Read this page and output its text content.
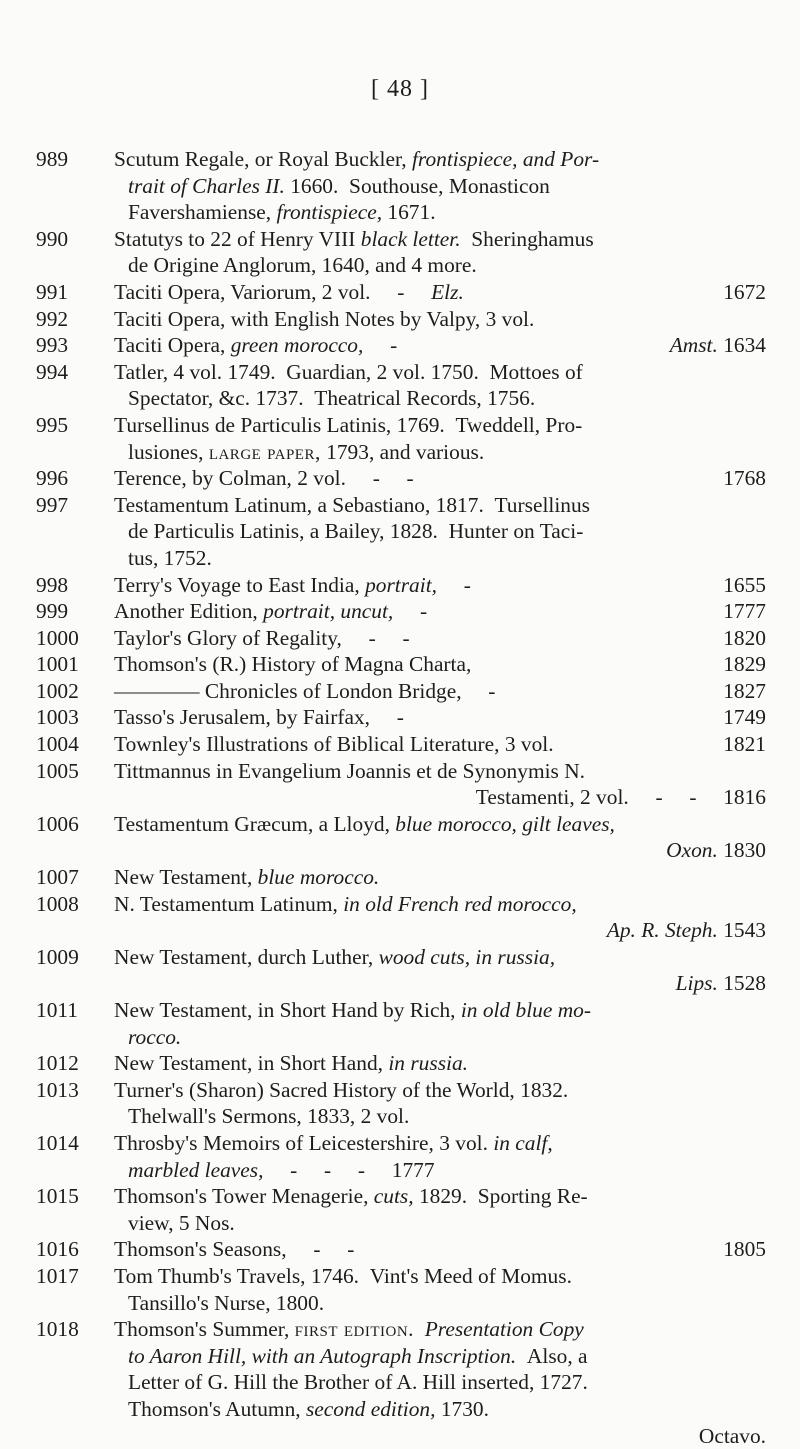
[ 48 ]
989	Scutum Regale, or Royal Buckler, frontispiece, and Por-
trait of Charles II. 1660.  Southouse, Monasticon
Favershamiense, frontispiece, 1671.
990	Statutys to 22 of Henry VIII black letter.  Sheringhamus
de Origine Anglorum, 1640, and 4 more.
991	Taciti Opera, Variorum, 2 vol.     -     Elz.	1672
992	Taciti Opera, with English Notes by Valpy, 3 vol.
993	Taciti Opera, green morocco,     -	Amst. 1634
994	Tatler, 4 vol. 1749.  Guardian, 2 vol. 1750.  Mottoes of
Spectator, &c. 1737.  Theatrical Records, 1756.
995	Tursellinus de Particulis Latinis, 1769.  Tweddell, Pro-
lusiones, large paper, 1793, and various.
996	Terence, by Colman, 2 vol.     -     -	1768
997	Testamentum Latinum, a Sebastiano, 1817.  Tursellinus
de Particulis Latinis, a Bailey, 1828.  Hunter on Taci-
tus, 1752.
998	Terry's Voyage to East India, portrait,     -	1655
999	Another Edition, portrait, uncut,     -	1777
1000	Taylor's Glory of Regality,     -     -	1820
1001	Thomson's (R.) History of Magna Charta,	1829
1002	———— Chronicles of London Bridge,     -	1827
1003	Tasso's Jerusalem, by Fairfax,     -	1749
1004	Townley's Illustrations of Biblical Literature, 3 vol.	1821
1005	Tittmannus in Evangelium Joannis et de Synonymis N.
Testamenti, 2 vol.     -     -     1816
1006	Testamentum Græcum, a Lloyd, blue morocco, gilt leaves,
Oxon. 1830
1007	New Testament, blue morocco.
1008	N. Testamentum Latinum, in old French red morocco,
Ap. R. Steph. 1543
1009	New Testament, durch Luther, wood cuts, in russia,
Lips. 1528
1011	New Testament, in Short Hand by Rich, in old blue mo-
rocco.
1012	New Testament, in Short Hand, in russia.
1013	Turner's (Sharon) Sacred History of the World, 1832.
Thelwall's Sermons, 1833, 2 vol.
1014	Throsby's Memoirs of Leicestershire, 3 vol. in calf,
marbled leaves,     -     -     -     1777
1015	Thomson's Tower Menagerie, cuts, 1829.  Sporting Re-
view, 5 Nos.
1016	Thomson's Seasons,     -     -	1805
1017	Tom Thumb's Travels, 1746.  Vint's Meed of Momus.
Tansillo's Nurse, 1800.
1018	Thomson's Summer, first edition. Presentation Copy
to Aaron Hill, with an Autograph Inscription.  Also, a
Letter of G. Hill the Brother of A. Hill inserted, 1727.
Thomson's Autumn, second edition, 1730.
Octavo.
